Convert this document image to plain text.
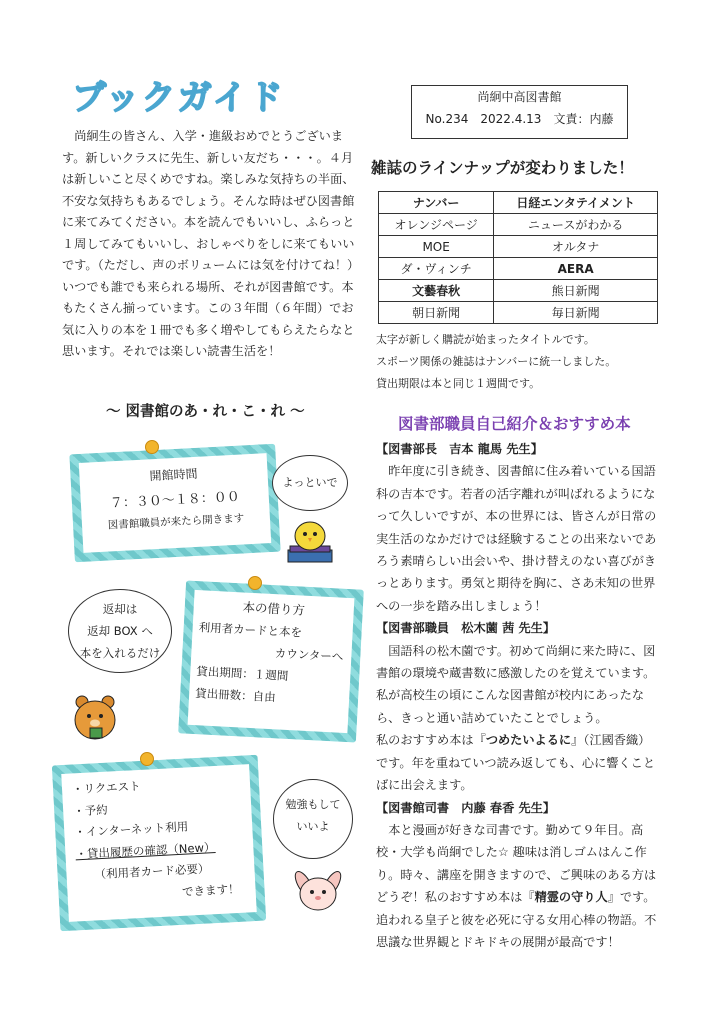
ブックガイド
尚絅生の皆さん、入学・進級おめでとうございます。新しいクラスに先生、新しい友だち・・・。４月は新しいこと尽くめですね。楽しみな気持ちの半面、不安な気持ちもあるでしょう。そんな時はぜひ図書館に来てみてください。本を読んでもいいし、ふらっと１周してみてもいいし、おしゃべりをしに来てもいいです。（ただし、声のボリュームには気を付けてね！）いつでも誰でも来られる場所、それが図書館です。本もたくさん揃っています。この３年間（６年間）でお気に入りの本を１冊でも多く増やしてもらえたらなと思います。それでは楽しい読書生活を！
尚絅中高図書館
No.234　2022.4.13　文責：内藤
雑誌のラインナップが変わりました！
ナンバー	日経エンタテイメント
オレンジページ	ニュースがわかる
MOE	オルタナ
ダ・ヴィンチ	AERA
文藝春秋	熊日新聞
朝日新聞	毎日新聞
太字が新しく購読が始まったタイトルです。
スポーツ関係の雑誌はナンバーに統一しました。
貸出期限は本と同じ１週間です。
～ 図書館のあ・れ・こ・れ ～
開館時間
７：３０～１８：００
図書館職員が来たら開きます
よっといで
返却は
返却 BOX へ
本を入れるだけ
本の借り方
利用者カードと本を
カウンターへ
貸出期間：１週間
貸出冊数：自由
・リクエスト
・予約
・インターネット利用
・貸出履歴の確認（New）
（利用者カード必要）
できます！
勉強もして
いいよ
図書部職員自己紹介＆おすすめ本

【図書部長　吉本 龍馬 先生】

昨年度に引き続き、図書館に住み着いている国語科の吉本です。若者の活字離れが叫ばれるようになって久しいですが、本の世界には、皆さんが日常の実生活のなかだけでは経験することの出来ないであろう素晴らしい出会いや、掛け替えのない喜びがきっとあります。勇気と期待を胸に、さあ未知の世界への一歩を踏み出しましょう！

【図書部職員　松木薗 茜 先生】

国語科の松木薗です。初めて尚絅に来た時に、図書館の環境や蔵書数に感激したのを覚えています。私が高校生の頃にこんな図書館が校内にあったなら、きっと通い詰めていたことでしょう。

私のおすすめ本は『つめたいよるに』（江國香織）です。年を重ねていつ読み返しても、心に響くことばに出会えます。

【図書館司書　内藤 春香 先生】

本と漫画が好きな司書です。勤めて９年目。高校・大学も尚絅でした☆ 趣味は消しゴムはんこ作り。時々、講座を開きますので、ご興味のある方はどうぞ！私のおすすめ本は『精霊の守り人』です。追われる皇子と彼を必死に守る女用心棒の物語。不思議な世界観とドキドキの展開が最高です！
